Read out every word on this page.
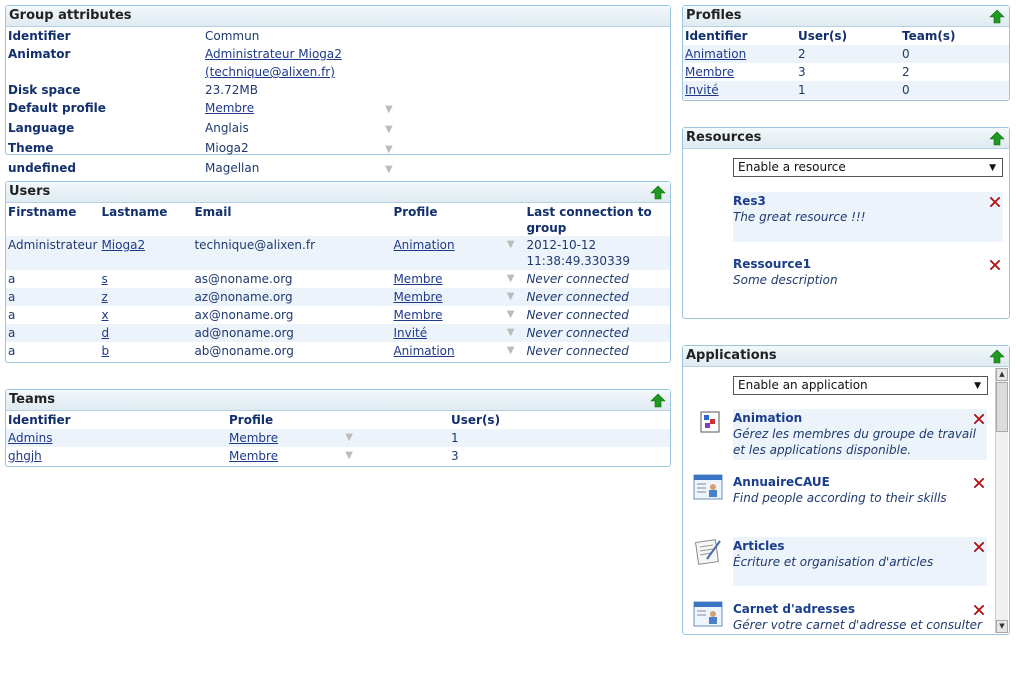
Group attributes
Identifier	Commun	
Animator	Administrateur Mioga2 (technique@alixen.fr)	
Disk space	23.72MB	
Default profile	Membre	▼
Language	Anglais	▼
Theme	Mioga2	▼
undefined	Magellan	▼
Users
Firstname	Lastname	Email	Profile	Last connection to group
Administrateur	Mioga2	technique@alixen.fr	Animation ▼	2012-10-12 11:38:49.330339
a	s	as@noname.org	Membre ▼	Never connected
a	z	az@noname.org	Membre ▼	Never connected
a	x	ax@noname.org	Membre ▼	Never connected
a	d	ad@noname.org	Invité ▼	Never connected
a	b	ab@noname.org	Animation ▼	Never connected
Teams
Identifier	Profile	User(s)
Admins	Membre ▼	1
ghgjh	Membre ▼	3
Profiles
Identifier	User(s)	Team(s)
Animation	2	0
Membre	3	2
Invité	1	0
Resources
Enable a resource	▼
Res3
The great resource !!!
Ressource1
Some description
Applications
Enable an application	▼
Animation
Gérez les membres du groupe de travail et les applications disponible.
AnnuaireCAUE
Find people according to their skills
Articles
Écriture et organisation d'articles
Carnet d'adresses
Gérer votre carnet d'adresse et consulter
▲
▼
